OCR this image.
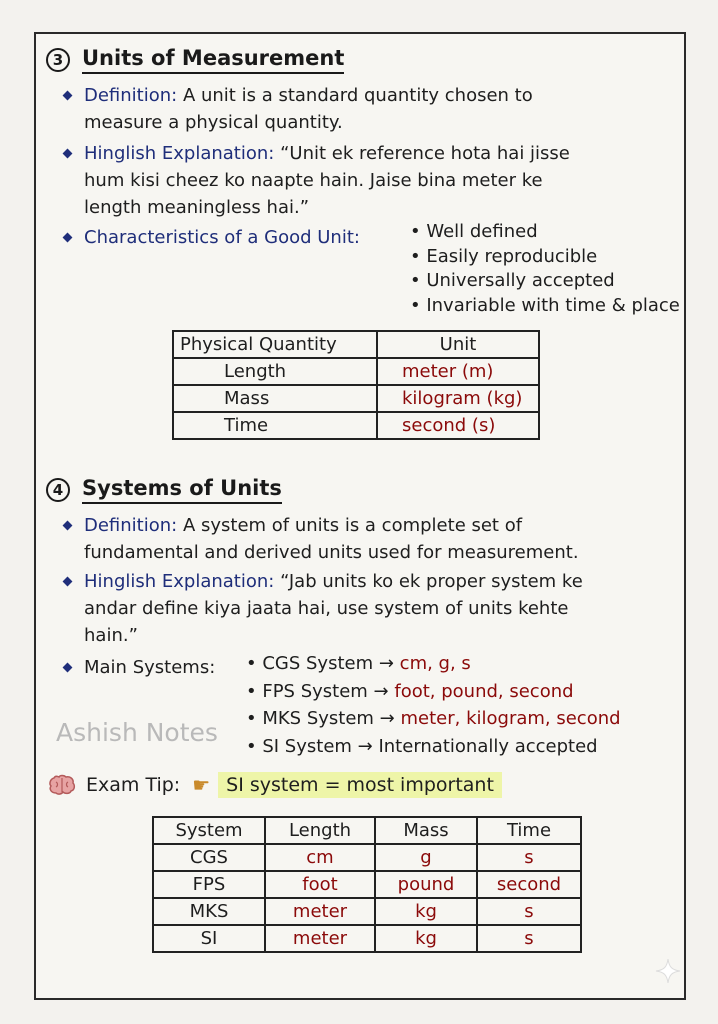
3 Units of Measurement
Definition: A unit is a standard quantity chosen to
measure a physical quantity.
Hinglish Explanation: “Unit ek reference hota hai jisse
hum kisi cheez ko naapte hain. Jaise bina meter ke
length meaningless hai.”
Characteristics of a Good Unit:	• Well defined
• Easily reproducible
• Universally accepted
• Invariable with time & place
Physical Quantity	Unit
Length	meter (m)
Mass	kilogram (kg)
Time	second (s)
4 Systems of Units
Definition: A system of units is a complete set of
fundamental and derived units used for measurement.
Hinglish Explanation: “Jab units ko ek proper system ke
andar define kiya jaata hai, use system of units kehte
hain.”
Main Systems:	• CGS System → cm, g, s
• FPS System → foot, pound, second
• MKS System → meter, kilogram, second
• SI System → Internationally accepted
Ashish Notes
Exam Tip: ☛ SI system = most important
System	Length	Mass	Time
CGS	cm	g	s
FPS	foot	pound	second
MKS	meter	kg	s
SI	meter	kg	s
